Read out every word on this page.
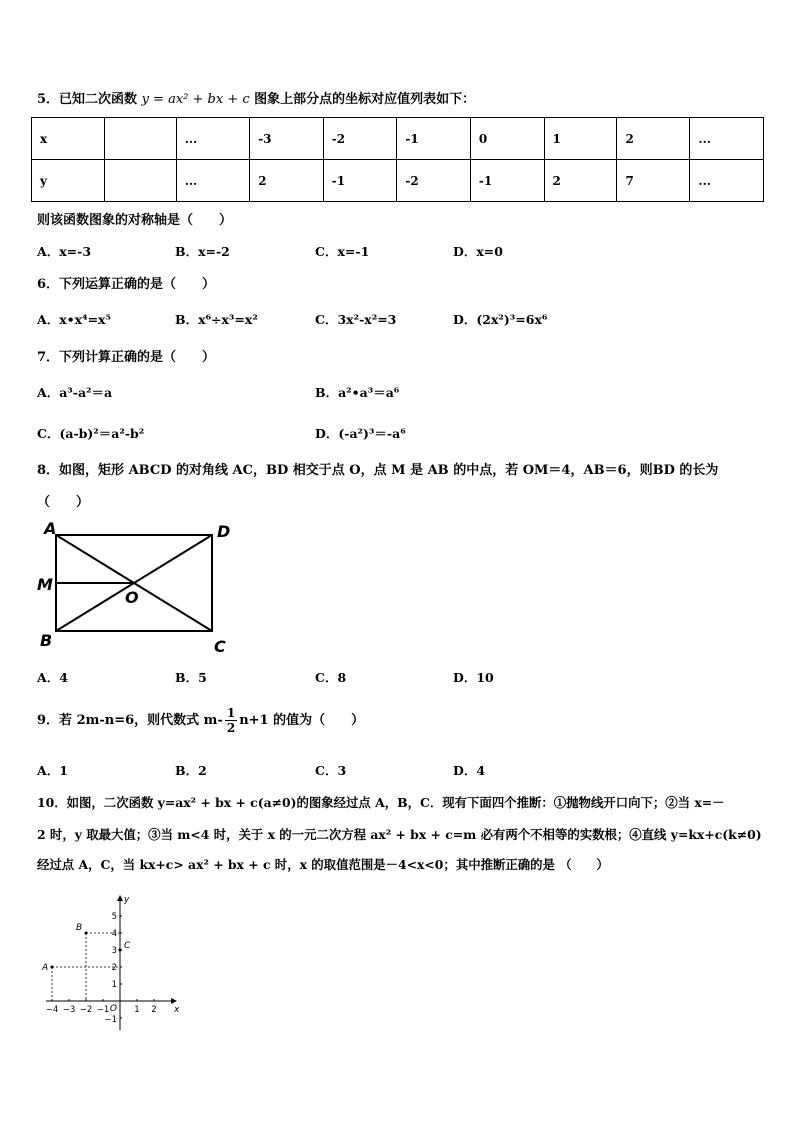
5．已知二次函数 y = ax² + bx + c 图象上部分点的坐标对应值列表如下：
x		...	-3	-2	-1	0	1	2	...
y		...	2	-1	-2	-1	2	7	...
则该函数图象的对称轴是（　　）
A．x=-3	B．x=-2	C．x=-1	D．x=0
6．下列运算正确的是（　　）
A．x•x⁴=x⁵	B．x⁶÷x³=x²	C．3x²-x²=3	D．(2x²)³=6x⁶
7．下列计算正确的是（　　）
A．a³-a²＝a	B．a²•a³＝a⁶
C．(a-b)²＝a²-b²	D．(-a²)³＝-a⁶
8．如图，矩形 ABCD 的对角线 AC，BD 相交于点 O，点 M 是 AB 的中点，若 OM＝4，AB＝6，则BD 的长为
（　　）
A	D
M
O
B	C
A．4	B．5	C．8	D．10
9．若 2m-n=6，则代数式 $m- \frac{1}{2} n+1$ 的值为（　　）
A．1	B．2	C．3	D．4
10．如图，二次函数 y=ax² + bx + c(a≠0)的图象经过点 A，B，C．现有下面四个推断：①抛物线开口向下；②当 x=－
2 时，y 取最大值；③当 m<4 时，关于 x 的一元二次方程 ax² + bx + c=m 必有两个不相等的实数根；④直线 y=kx+c(k≠0)
经过点 A，C，当 kx+c> ax² + bx + c 时，x 的取值范围是－4<x<0；其中推断正确的是 （　　）
x
y
−4 −3 −2 −1	1 2
5
4
3
2
1
−1
O
A
B
C
